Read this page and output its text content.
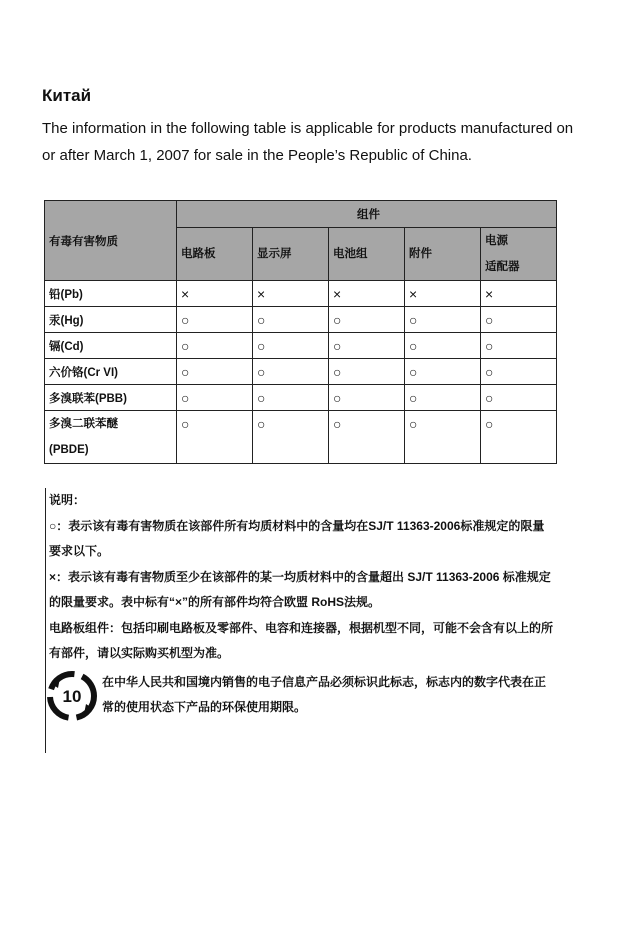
Китай

The information in the following table is applicable for products manufactured on or after March 1, 2007 for sale in the People’s Republic of China.

有毒有害物质	组件				
	电路板	显示屏	电池组	附件	电源
适配器
铅(Pb)	×	×	×	×	×
汞(Hg)	○	○	○	○	○
镉(Cd)	○	○	○	○	○
六价铬(Cr VI)	○	○	○	○	○
多溴联苯(PBB)	○	○	○	○	○
多溴二联苯醚
(PBDE)	○	○	○	○	○

说明：

○：表示该有毒有害物质在该部件所有均质材料中的含量均在SJ/T 11363-2006标准规定的限量要求以下。

×：表示该有毒有害物质至少在该部件的某一均质材料中的含量超出 SJ/T 11363-2006 标准规定的限量要求。表中标有“×”的所有部件均符合欧盟 RoHS法规。

电路板组件：包括印刷电路板及零部件、电容和连接器，根据机型不同，可能不会含有以上的所有部件，请以实际购买机型为准。

10
在中华人民共和国境内销售的电子信息产品必须标识此标志，标志内的数字代表在正常的使用状态下产品的环保使用期限。
